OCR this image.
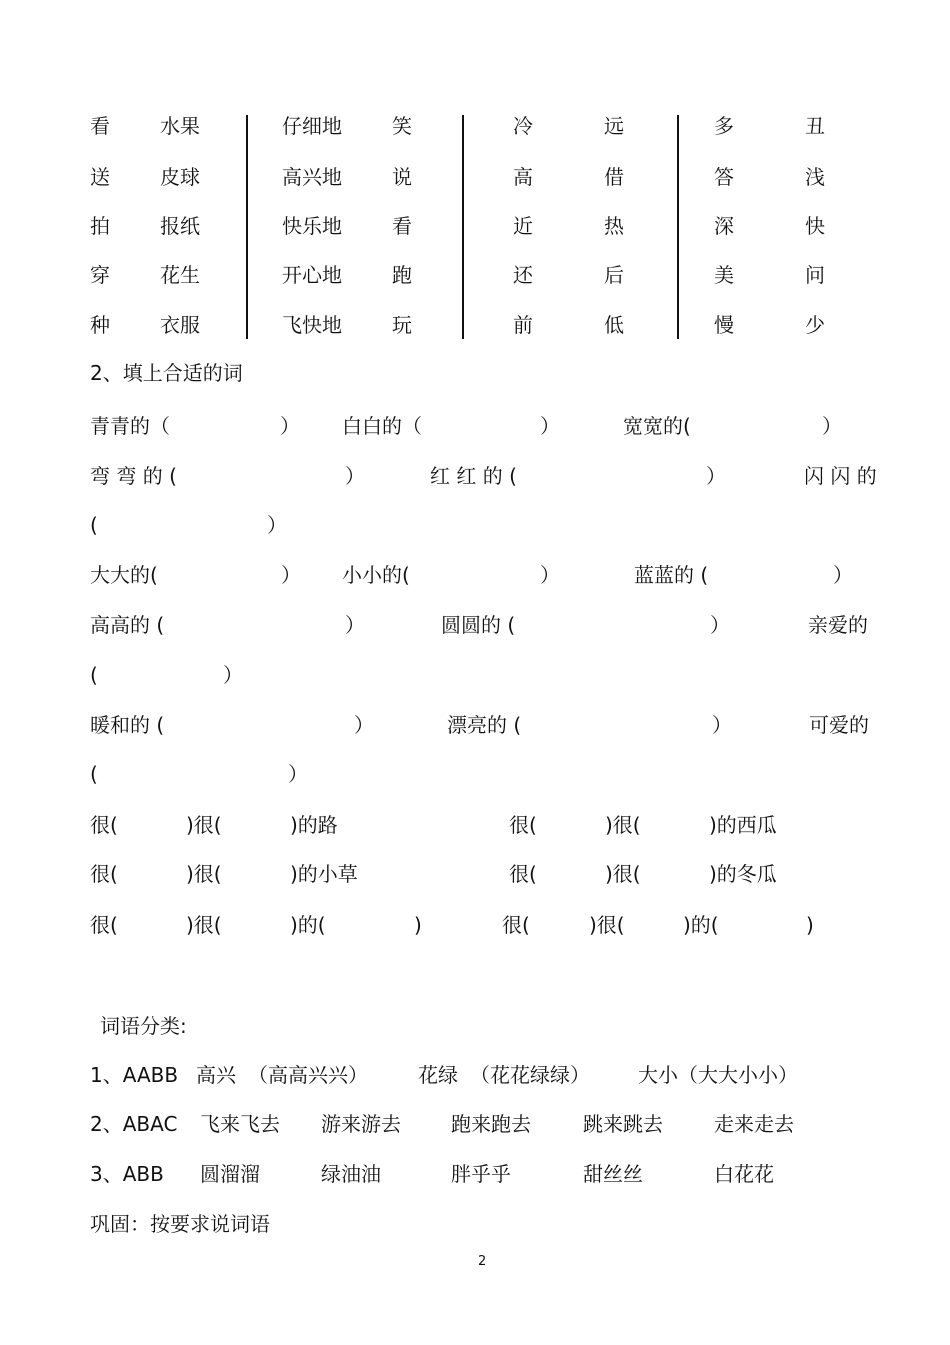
看	水果	仔细地	笑	冷	远	多	丑
送	皮球	高兴地	说	高	借	答	浅
拍	报纸	快乐地	看	近	热	深	快
穿	花生	开心地	跑	还	后	美	问
种	衣服	飞快地	玩	前	低	慢	少
2、填上合适的词
青青的（	） 白白的（	）	宽宽的(	）
弯 弯 的 (	）	红 红 的 (	）	闪 闪 的
(	）
大大的(	） 小小的(	）	蓝蓝的 (	）
高高的 (	）	圆圆的 (	）	亲爱的
(	）
暖和的 (	）	漂亮的 (	）	可爱的
(	）
很(	)很(	)的路	很(	)很(	)的西瓜
很(	)很(	)的小草	很(	)很(	)的冬瓜
很(	)很(	)的(	)	很(	)很(	)的(	)
词语分类:
1、AABB 高兴 （高高兴兴）	花绿 （花花绿绿） 大小（大大小小）
2、ABAC 飞来飞去 游来游去	跑来跑去	跳来跳去	走来走去
3、ABB 圆溜溜	绿油油	胖乎乎	甜丝丝	白花花
巩固：按要求说词语
2
